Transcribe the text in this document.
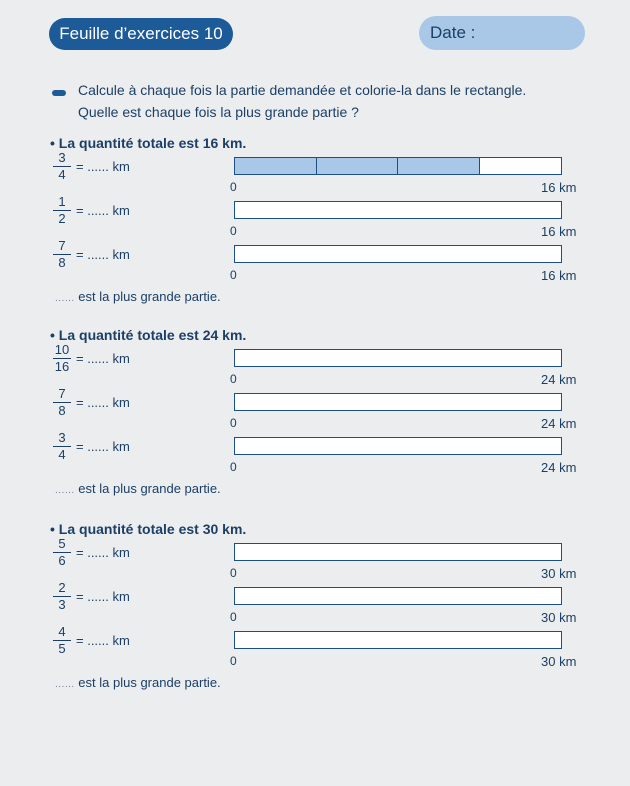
Feuille d’exercices 10	Date :
Calcule à chaque fois la partie demandée et colorie-la dans le rectangle.
Quelle est chaque fois la plus grande partie ?
• La quantité totale est 16 km.
$\frac{3}{4}$ = ...... km
0	16 km
$\frac{1}{2}$ = ...... km
0	16 km
$\frac{7}{8}$ = ...... km
0	16 km
...... est la plus grande partie.
• La quantité totale est 24 km.
$\frac{10}{16}$ = ...... km
0	24 km
$\frac{7}{8}$ = ...... km
0	24 km
$\frac{3}{4}$ = ...... km
0	24 km
...... est la plus grande partie.
• La quantité totale est 30 km.
$\frac{5}{6}$ = ...... km
0	30 km
$\frac{2}{3}$ = ...... km
0	30 km
$\frac{4}{5}$ = ...... km
0	30 km
...... est la plus grande partie.
